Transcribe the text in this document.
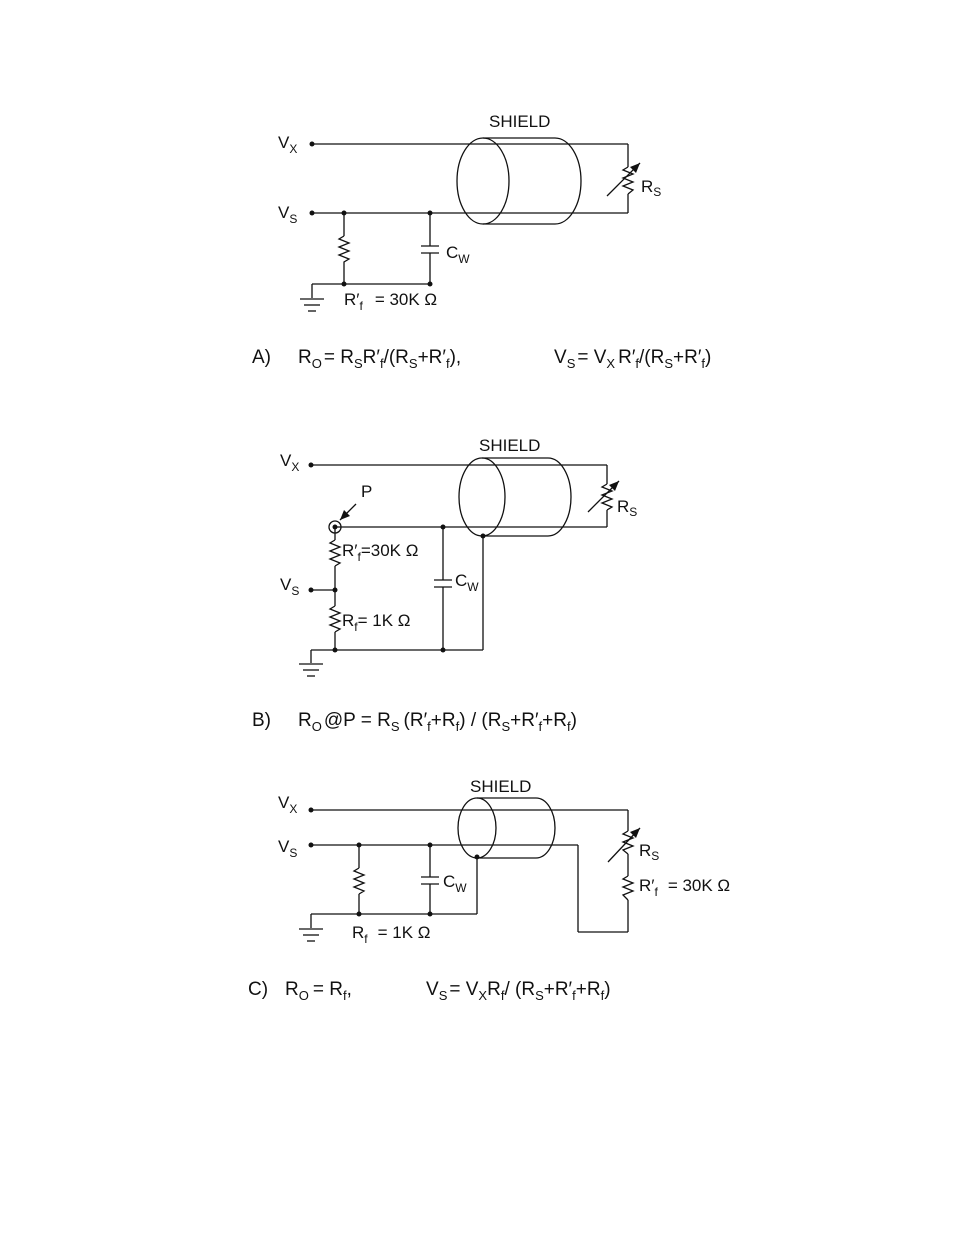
SHIELD
$V_X$
$V_S$
$R_S$
$C_W$
$R'_f = 30K$ Ω
A) $R_O = R_SR'_f/(R_S+R'_f)$,	$V_S = V_X$ $R'_f/(R_S+R'_f)$
SHIELD
P
$V_X$
$V_S$
$R_S$
$C_W$
$R'_f=30K$ Ω
$R_f= 1K$ Ω
B) $R_O$ @P = $R_S$ $(R'_f+R_f) / (R_S+R'_f+R_f)$
SHIELD
$V_X$
$V_S$	$R_S$
$R'_f = 30K$ Ω
$C_W$
$R_f = 1K$ Ω
C) $R_O = R_f$,	$V_S = V_XR_f/$ $(R_S+R'_f+R_f)$
